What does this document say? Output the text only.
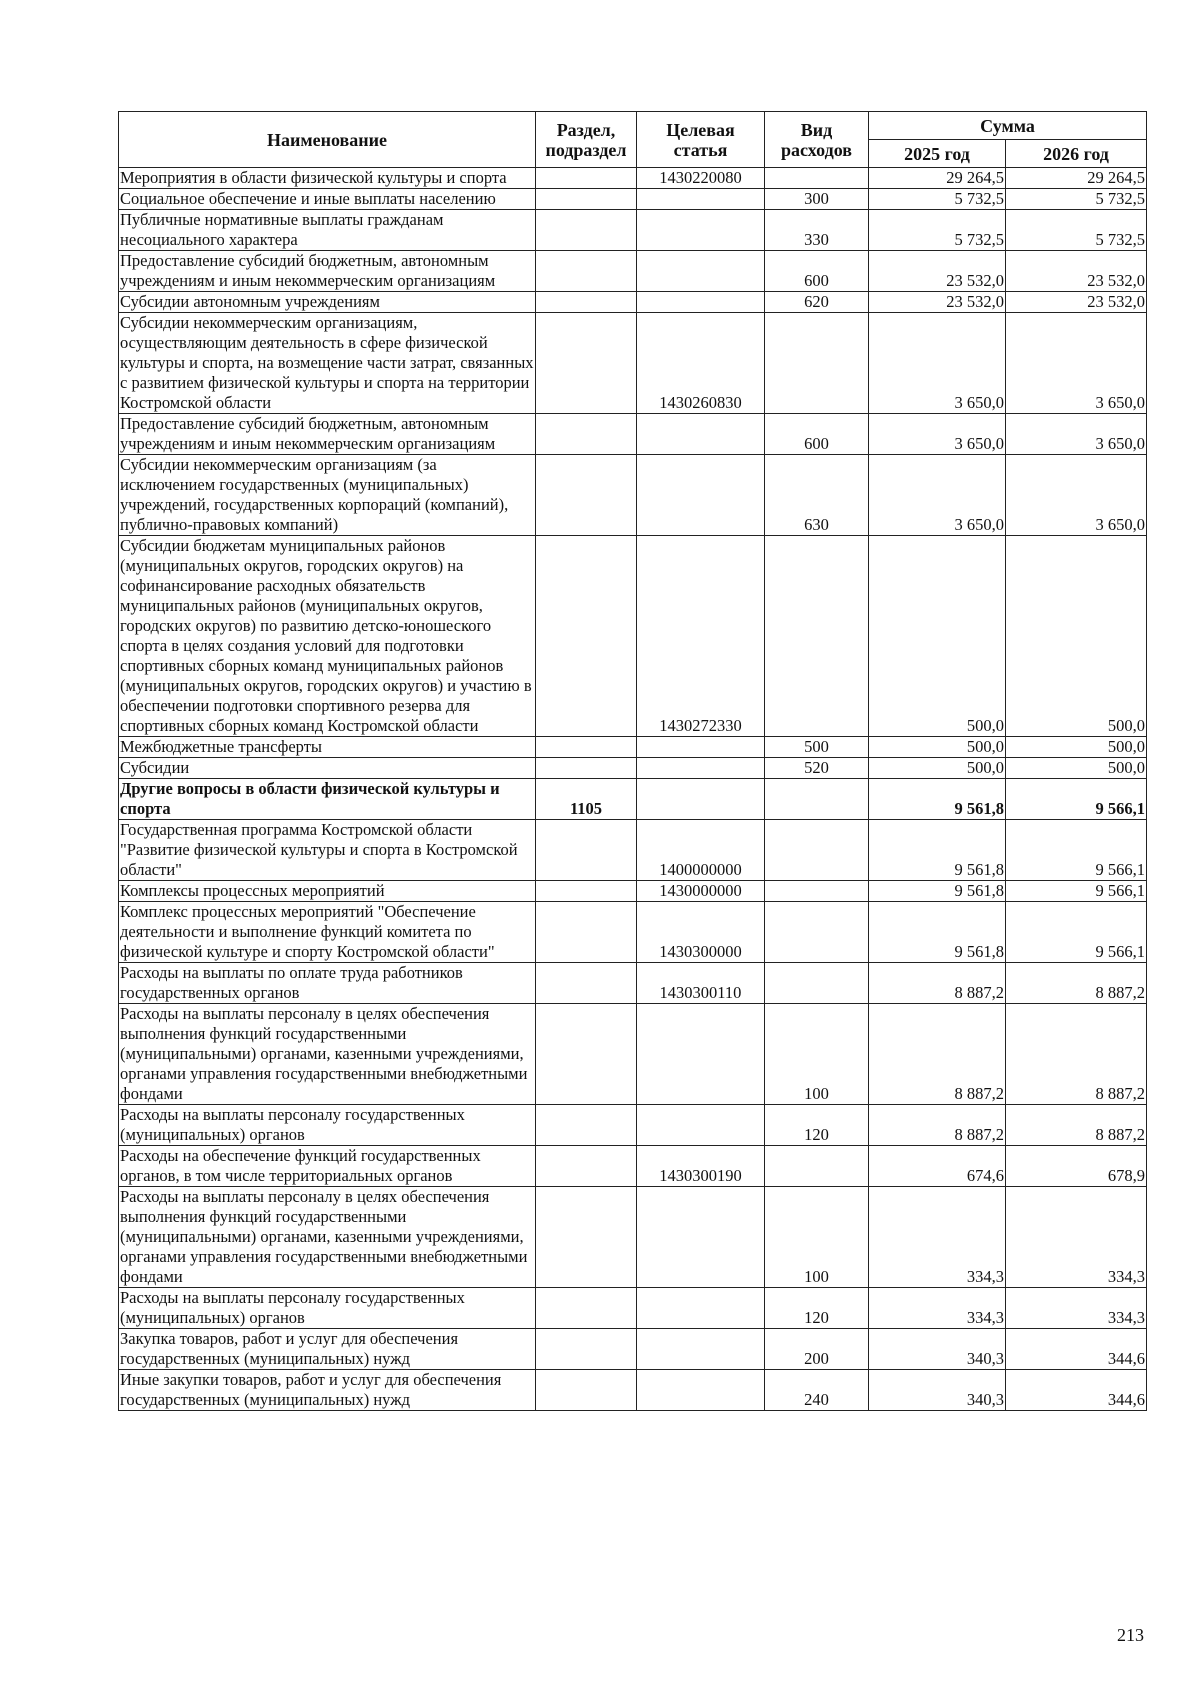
Наименование	Раздел, подраздел	Целевая статья	Вид расходов	Сумма	
				2025 год	2026 год
Мероприятия в области физической культуры и спорта		1430220080		29 264,5	29 264,5
Социальное обеспечение и иные выплаты населению			300	5 732,5	5 732,5
Публичные нормативные выплаты гражданам несоциального характера			330	5 732,5	5 732,5
Предоставление субсидий бюджетным, автономным учреждениям и иным некоммерческим организациям			600	23 532,0	23 532,0
Субсидии автономным учреждениям			620	23 532,0	23 532,0
Субсидии некоммерческим организациям, осуществляющим деятельность в сфере физической культуры и спорта, на возмещение части затрат, связанных с развитием физической культуры и спорта на территории Костромской области		1430260830		3 650,0	3 650,0
Предоставление субсидий бюджетным, автономным учреждениям и иным некоммерческим организациям			600	3 650,0	3 650,0
Субсидии некоммерческим организациям (за исключением государственных (муниципальных) учреждений, государственных корпораций (компаний), публично-правовых компаний)			630	3 650,0	3 650,0
Субсидии бюджетам муниципальных районов (муниципальных округов, городских округов) на софинансирование расходных обязательств муниципальных районов (муниципальных округов, городских округов) по развитию детско-юношеского спорта в целях создания условий для подготовки спортивных сборных команд муниципальных районов (муниципальных округов, городских округов) и участию в обеспечении подготовки спортивного резерва для спортивных сборных команд Костромской области		1430272330		500,0	500,0
Межбюджетные трансферты			500	500,0	500,0
Субсидии			520	500,0	500,0
Другие вопросы в области физической культуры и спорта	1105			9 561,8	9 566,1
Государственная программа Костромской области "Развитие физической культуры и спорта в Костромской области"		1400000000		9 561,8	9 566,1
Комплексы процессных мероприятий		1430000000		9 561,8	9 566,1
Комплекс процессных мероприятий "Обеспечение деятельности и выполнение функций комитета по физической культуре и спорту Костромской области"		1430300000		9 561,8	9 566,1
Расходы на выплаты по оплате труда работников государственных органов		1430300110		8 887,2	8 887,2
Расходы на выплаты персоналу в целях обеспечения выполнения функций государственными (муниципальными) органами, казенными учреждениями, органами управления государственными внебюджетными фондами			100	8 887,2	8 887,2
Расходы на выплаты персоналу государственных (муниципальных) органов			120	8 887,2	8 887,2
Расходы на обеспечение функций государственных органов, в том числе территориальных органов		1430300190		674,6	678,9
Расходы на выплаты персоналу в целях обеспечения выполнения функций государственными (муниципальными) органами, казенными учреждениями, органами управления государственными внебюджетными фондами			100	334,3	334,3
Расходы на выплаты персоналу государственных (муниципальных) органов			120	334,3	334,3
Закупка товаров, работ и услуг для обеспечения государственных (муниципальных) нужд			200	340,3	344,6
Иные закупки товаров, работ и услуг для обеспечения государственных (муниципальных) нужд			240	340,3	344,6
213
